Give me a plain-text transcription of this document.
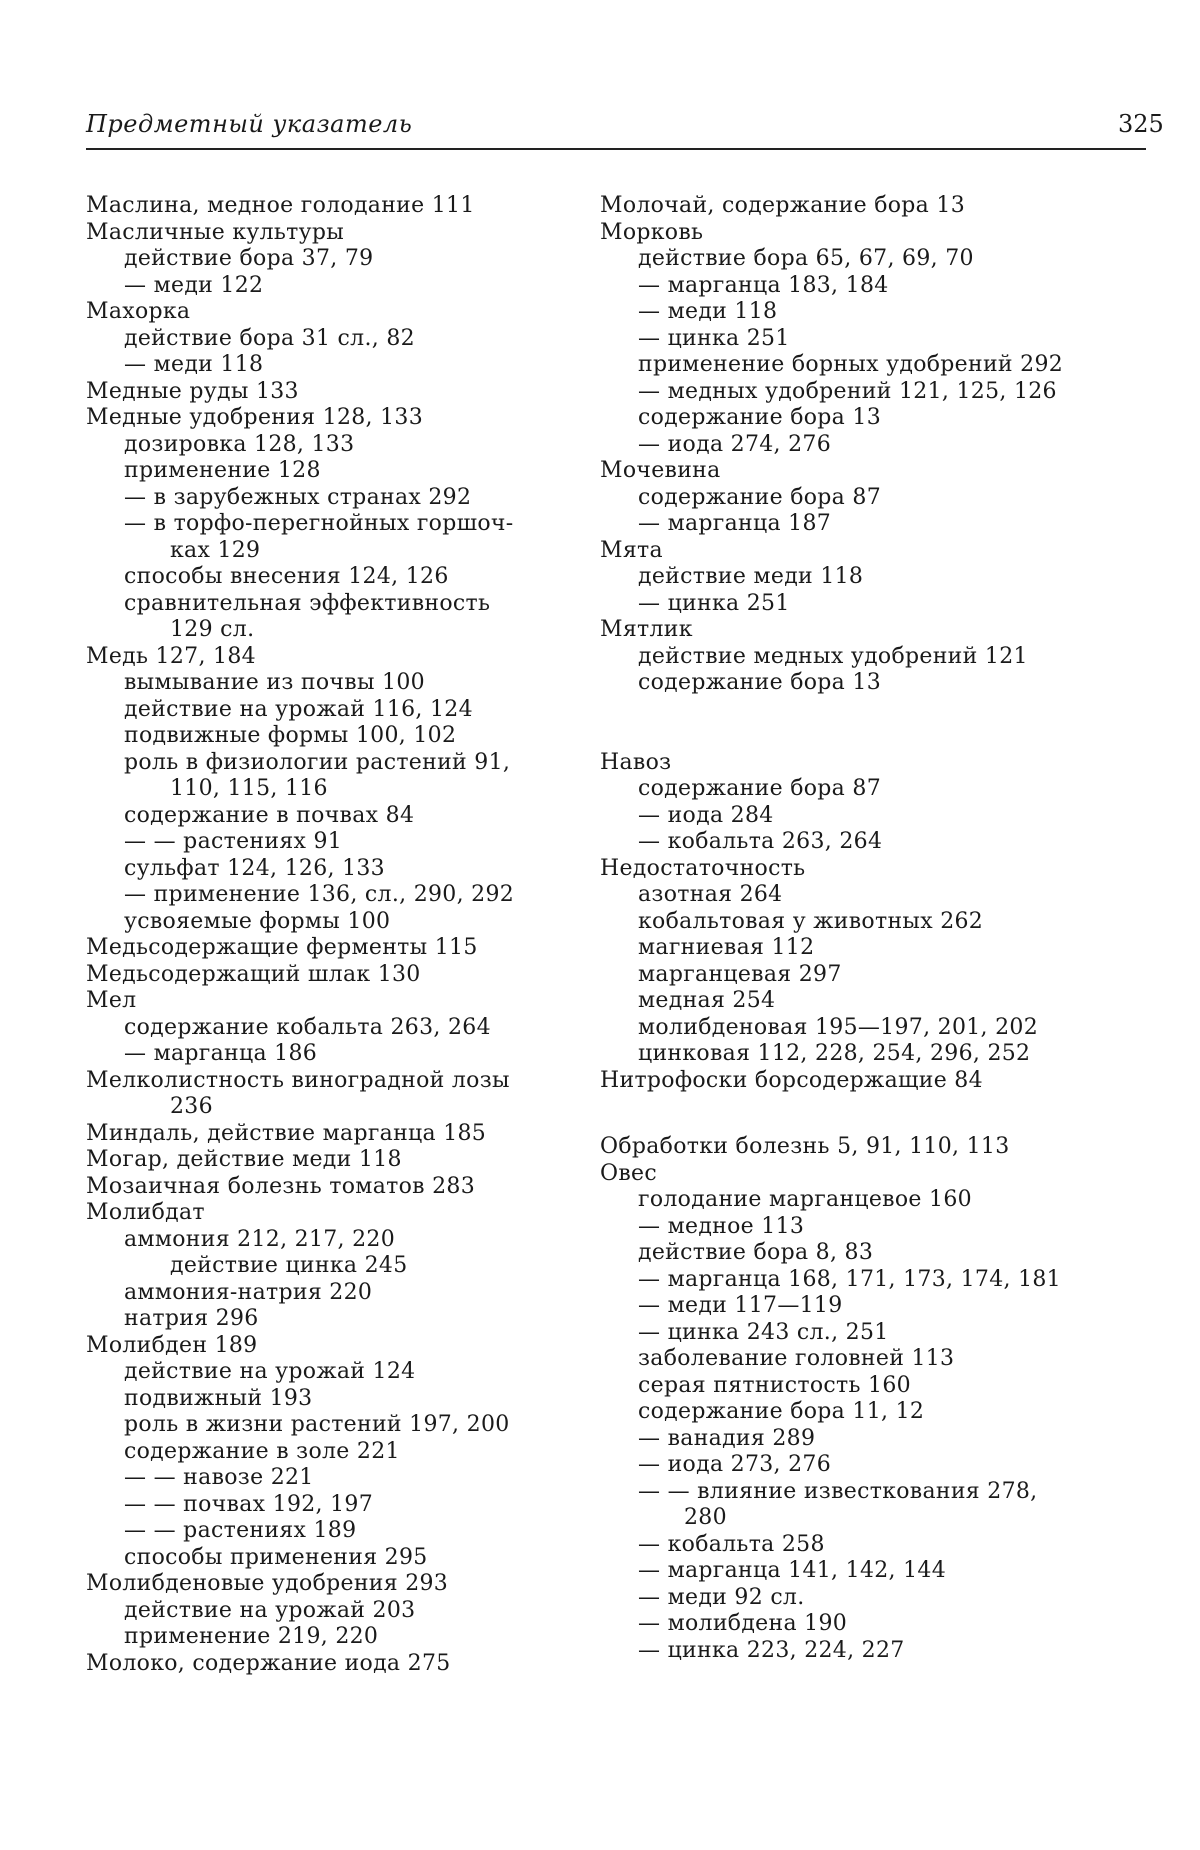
Предметный указатель	325
Маслина, медное голодание 111
Масличные культуры
действие бора 37, 79
— меди 122
Махорка
действие бора 31 сл., 82
— меди 118
Медные руды 133
Медные удобрения 128, 133
дозировка 128, 133
применение 128
— в зарубежных странах 292
— в торфо-перегнойных горшоч-
ках 129
способы внесения 124, 126
сравнительная эффективность
129 сл.
Медь 127, 184
вымывание из почвы 100
действие на урожай 116, 124
подвижные формы 100, 102
роль в физиологии растений 91,
110, 115, 116
содержание в почвах 84
— — растениях 91
сульфат 124, 126, 133
— применение 136, сл., 290, 292
усвояемые формы 100
Медьсодержащие ферменты 115
Медьсодержащий шлак 130
Мел
содержание кобальта 263, 264
— марганца 186
Мелколистность виноградной лозы
236
Миндаль, действие марганца 185
Могар, действие меди 118
Мозаичная болезнь томатов 283
Молибдат
аммония 212, 217, 220
действие цинка 245
аммония-натрия 220
натрия 296
Молибден 189
действие на урожай 124
подвижный 193
роль в жизни растений 197, 200
содержание в золе 221
— — навозе 221
— — почвах 192, 197
— — растениях 189
способы применения 295
Молибденовые удобрения 293
действие на урожай 203
применение 219, 220
Молоко, содержание иода 275
Молочай, содержание бора 13
Морковь
действие бора 65, 67, 69, 70
— марганца 183, 184
— меди 118
— цинка 251
применение борных удобрений 292
— медных удобрений 121, 125, 126
содержание бора 13
— иода 274, 276
Мочевина
содержание бора 87
— марганца 187
Мята
действие меди 118
— цинка 251
Мятлик
действие медных удобрений 121
содержание бора 13
Навоз
содержание бора 87
— иода 284
— кобальта 263, 264
Недостаточность
азотная 264
кобальтовая у животных 262
магниевая 112
марганцевая 297
медная 254
молибденовая 195—197, 201, 202
цинковая 112, 228, 254, 296, 252
Нитрофоски борсодержащие 84
Обработки болезнь 5, 91, 110, 113
Овес
голодание марганцевое 160
— медное 113
действие бора 8, 83
— марганца 168, 171, 173, 174, 181
— меди 117—119
— цинка 243 сл., 251
заболевание головней 113
серая пятнистость 160
содержание бора 11, 12
— ванадия 289
— иода 273, 276
— — влияние известкования 278,
280
— кобальта 258
— марганца 141, 142, 144
— меди 92 сл.
— молибдена 190
— цинка 223, 224, 227
